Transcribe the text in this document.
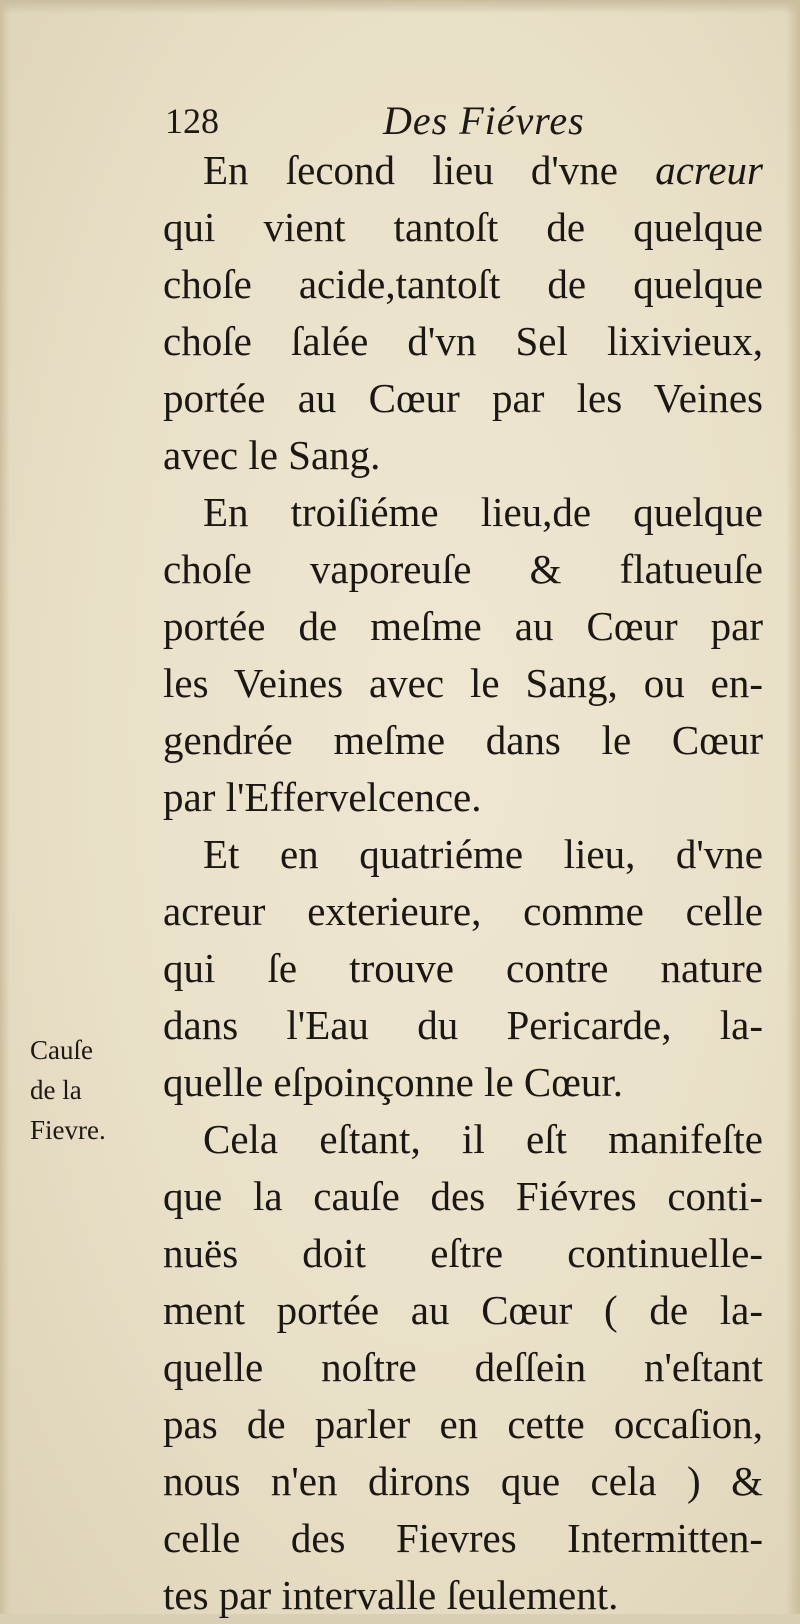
128	Des Fiévres
Cauſe
de la
Fievre.
En ſecond lieu d'vne acreur
qui vient tantoſt de quelque
choſe acide,tantoſt de quelque
choſe ſalée d'vn Sel lixivieux,
portée au Cœur par les Veines
avec le Sang.
En troiſiéme lieu,de quelque
choſe vaporeuſe & flatueuſe
portée de meſme au Cœur par
les Veines avec le Sang, ou en-
gendrée meſme dans le Cœur
par l'Effervelcence.
Et en quatriéme lieu, d'vne
acreur exterieure, comme celle
qui ſe trouve contre nature
dans l'Eau du Pericarde, la-
quelle eſpoinçonne le Cœur.
Cela eſtant, il eſt manifeſte
que la cauſe des Fiévres conti-
nuës doit eſtre continuelle-
ment portée au Cœur ( de la-
quelle noſtre deſſein n'eſtant
pas de parler en cette occaſion,
nous n'en dirons que cela ) &
celle des Fievres Intermitten-
tes par intervalle ſeulement.
